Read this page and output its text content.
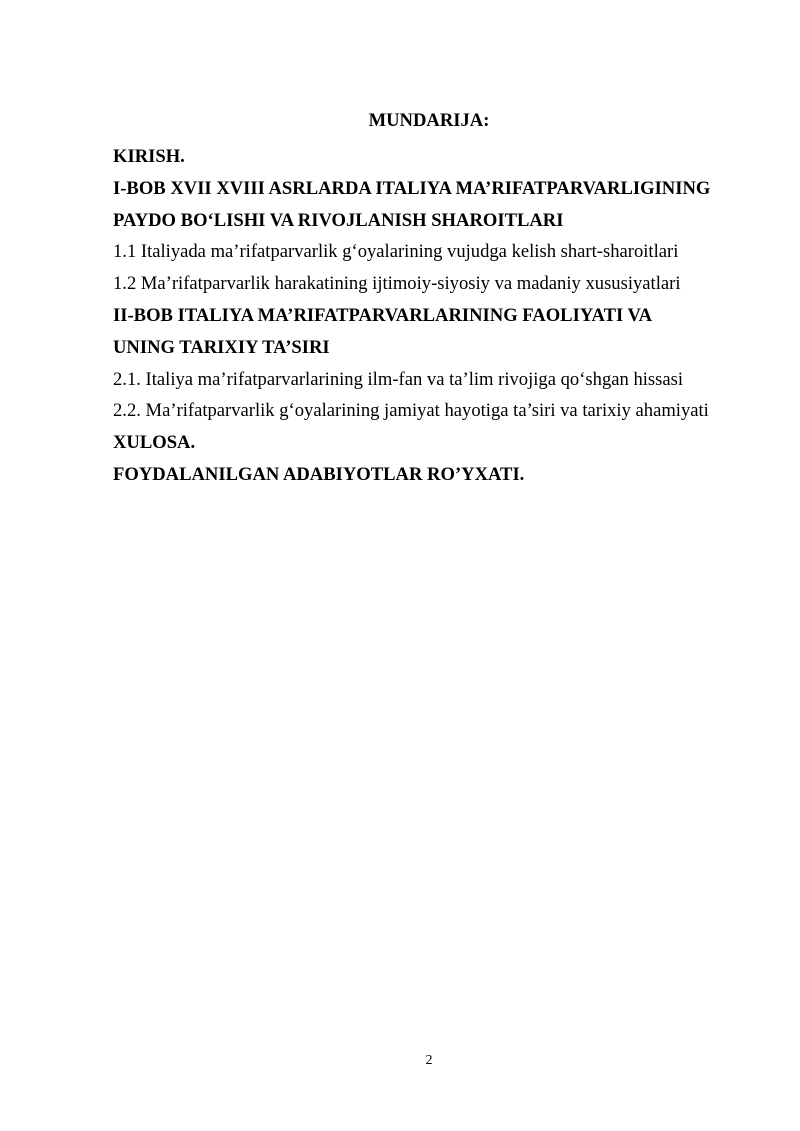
MUNDARIJA:
KIRISH.
I-BOB XVII XVIII ASRLARDA ITALIYA MA’RIFATPARVARLIGINING
PAYDO BO‘LISHI VA RIVOJLANISH SHAROITLARI
1.1 Italiyada ma’rifatparvarlik g‘oyalarining vujudga kelish shart-sharoitlari
1.2 Ma’rifatparvarlik harakatining ijtimoiy-siyosiy va madaniy xususiyatlari
II-BOB ITALIYA MA’RIFATPARVARLARINING FAOLIYATI VA
UNING TARIXIY TA’SIRI
2.1. Italiya ma’rifatparvarlarining ilm-fan va ta’lim rivojiga qo‘shgan hissasi
2.2. Ma’rifatparvarlik g‘oyalarining jamiyat hayotiga ta’siri va tarixiy ahamiyati
XULOSA.
FOYDALANILGAN ADABIYOTLAR RO’YXATI.
2
